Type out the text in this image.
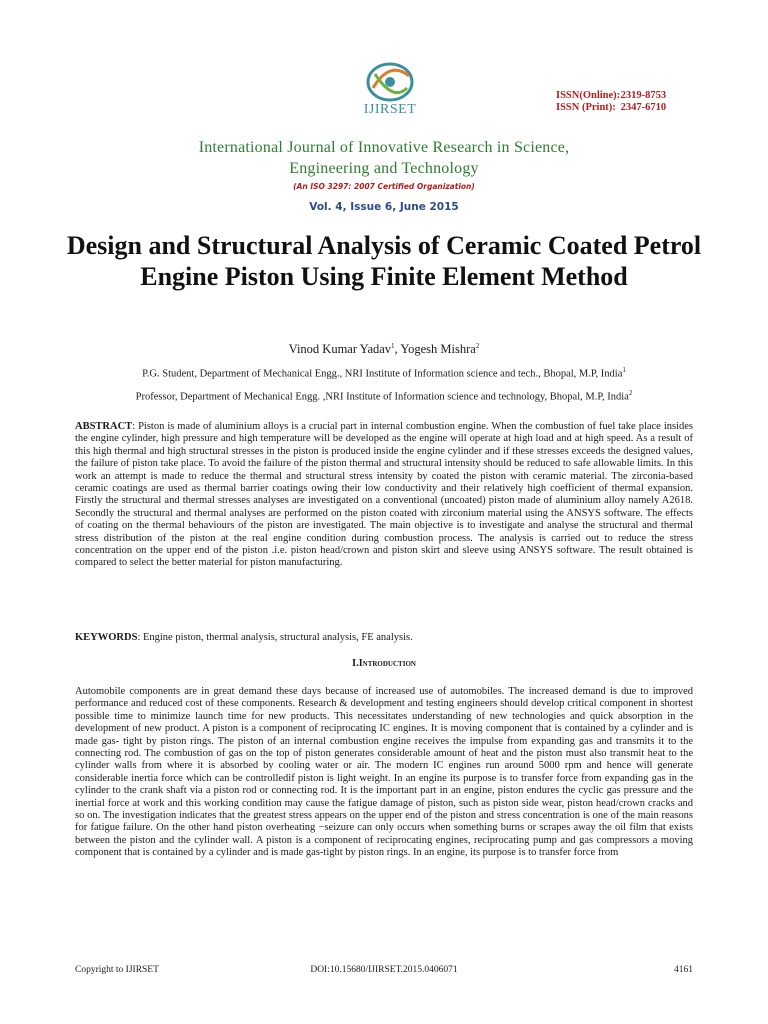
IJIRSET
ISSN(Online): 2319-8753
ISSN (Print): 2347-6710
International Journal of Innovative Research in Science,
Engineering and Technology
(An ISO 3297: 2007 Certified Organization)
Vol. 4, Issue 6, June 2015
Design and Structural Analysis of Ceramic Coated Petrol Engine Piston Using Finite Element Method
Vinod Kumar Yadav$^1$, Yogesh Mishra$^2$
P.G. Student, Department of Mechanical Engg., NRI Institute of Information science and tech., Bhopal, M.P, India$^1$
Professor, Department of Mechanical Engg. ,NRI Institute of Information science and technology, Bhopal, M.P, India$^2$
ABSTRACT: Piston is made of aluminium alloys is a crucial part in internal combustion engine. When the combustion of fuel take place insides the engine cylinder, high pressure and high temperature will be developed as the engine will operate at high load and at high speed. As a result of this high thermal and high structural stresses in the piston is produced inside the engine cylinder and if these stresses exceeds the designed values, the failure of piston take place. To avoid the failure of the piston thermal and structural intensity should be reduced to safe allowable limits. In this work an attempt is made to reduce the thermal and structural stress intensity by coated the piston with ceramic material. The zirconia-based ceramic coatings are used as thermal barrier coatings owing their low conductivity and their relatively high coefficient of thermal expansion. Firstly the structural and thermal stresses analyses are investigated on a conventional (uncoated) piston made of aluminium alloy namely A2618. Secondly the structural and thermal analyses are performed on the piston coated with zirconium material using the ANSYS software. The effects of coating on the thermal behaviours of the piston are investigated. The main objective is to investigate and analyse the structural and thermal stress distribution of the piston at the real engine condition during combustion process. The analysis is carried out to reduce the stress concentration on the upper end of the piston .i.e. piston head/crown and piston skirt and sleeve using ANSYS software. The result obtained is compared to select the better material for piston manufacturing.
KEYWORDS: Engine piston, thermal analysis, structural analysis, FE analysis.
I.Introduction
Automobile components are in great demand these days because of increased use of automobiles. The increased demand is due to improved performance and reduced cost of these components. Research & development and testing engineers should develop critical component in shortest possible time to minimize launch time for new products. This necessitates understanding of new technologies and quick absorption in the development of new product. A piston is a component of reciprocating IC engines. It is moving component that is contained by a cylinder and is made gas- tight by piston rings. The piston of an internal combustion engine receives the impulse from expanding gas and transmits it to the connecting rod. The combustion of gas on the top of piston generates considerable amount of heat and the piston must also transmit heat to the cylinder walls from where it is absorbed by cooling water or air. The modern IC engines run around 5000 rpm and hence will generate considerable inertia force which can be controlledif piston is light weight. In an engine its purpose is to transfer force from expanding gas in the cylinder to the crank shaft via a piston rod or connecting rod. It is the important part in an engine, piston endures the cyclic gas pressure and the inertial force at work and this working condition may cause the fatigue damage of piston, such as piston side wear, piston head/crown cracks and so on. The investigation indicates that the greatest stress appears on the upper end of the piston and stress concentration is one of the main reasons for fatigue failure. On the other hand piston overheating −seizure can only occurs when something burns or scrapes away the oil film that exists between the piston and the cylinder wall. A piston is a component of reciprocating engines, reciprocating pump and gas compressors a moving component that is contained by a cylinder and is made gas-tight by piston rings. In an engine, its purpose is to transfer force from
Copyright to IJIRSET	DOI:10.15680/IJIRSET.2015.0406071	4161
